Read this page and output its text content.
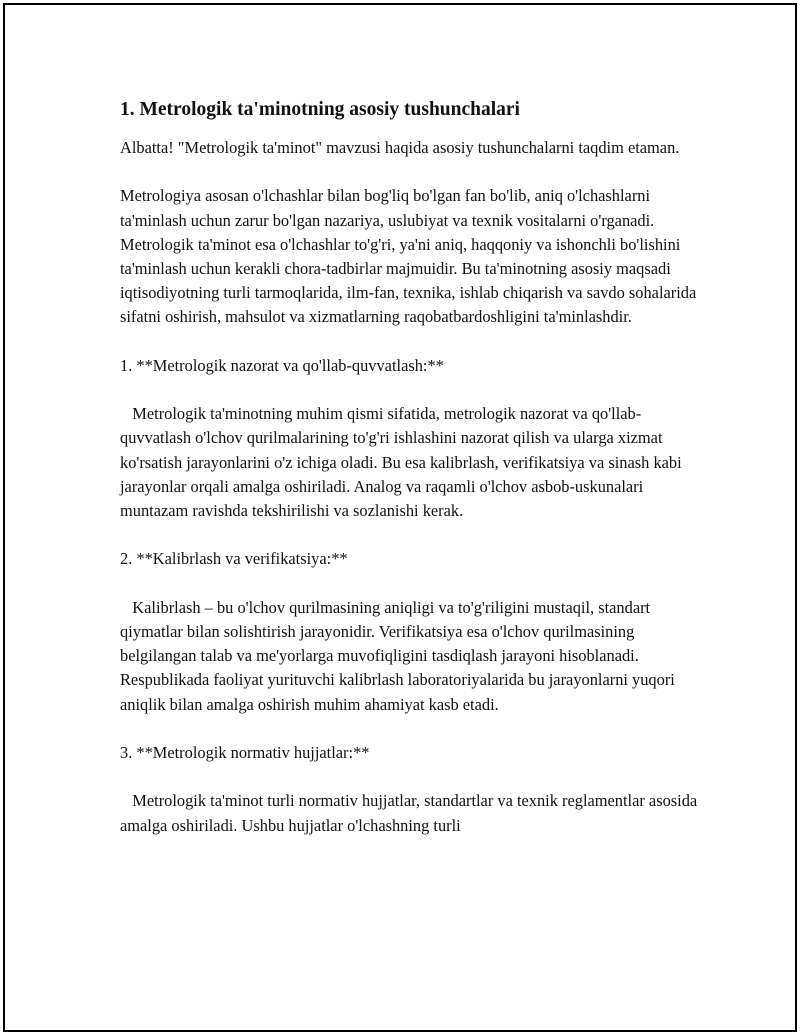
1. Metrologik ta'minotning asosiy tushunchalari

Albatta! "Metrologik ta'minot" mavzusi haqida asosiy tushunchalarni taqdim etaman.

Metrologiya asosan o'lchashlar bilan bog'liq bo'lgan fan bo'lib, aniq o'lchashlarni ta'minlash uchun zarur bo'lgan nazariya, uslubiyat va texnik vositalarni o'rganadi. Metrologik ta'minot esa o'lchashlar to'g'ri, ya'ni aniq, haqqoniy va ishonchli bo'lishini ta'minlash uchun kerakli chora-tadbirlar majmuidir. Bu ta'minotning asosiy maqsadi iqtisodiyotning turli tarmoqlarida, ilm-fan, texnika, ishlab chiqarish va savdo sohalarida sifatni oshirish, mahsulot va xizmatlarning raqobatbardoshligini ta'minlashdir.

1. **Metrologik nazorat va qo'llab-quvvatlash:**

Metrologik ta'minotning muhim qismi sifatida, metrologik nazorat va qo'llab-quvvatlash o'lchov qurilmalarining to'g'ri ishlashini nazorat qilish va ularga xizmat ko'rsatish jarayonlarini o'z ichiga oladi. Bu esa kalibrlash, verifikatsiya va sinash kabi jarayonlar orqali amalga oshiriladi. Analog va raqamli o'lchov asbob-uskunalari muntazam ravishda tekshirilishi va sozlanishi kerak.

2. **Kalibrlash va verifikatsiya:**

Kalibrlash – bu o'lchov qurilmasining aniqligi va to'g'riligini mustaqil, standart qiymatlar bilan solishtirish jarayonidir. Verifikatsiya esa o'lchov qurilmasining belgilangan talab va me'yorlarga muvofiqligini tasdiqlash jarayoni hisoblanadi. Respublikada faoliyat yurituvchi kalibrlash laboratoriyalarida bu jarayonlarni yuqori aniqlik bilan amalga oshirish muhim ahamiyat kasb etadi.

3. **Metrologik normativ hujjatlar:**

Metrologik ta'minot turli normativ hujjatlar, standartlar va texnik reglamentlar asosida amalga oshiriladi. Ushbu hujjatlar o'lchashning turli
